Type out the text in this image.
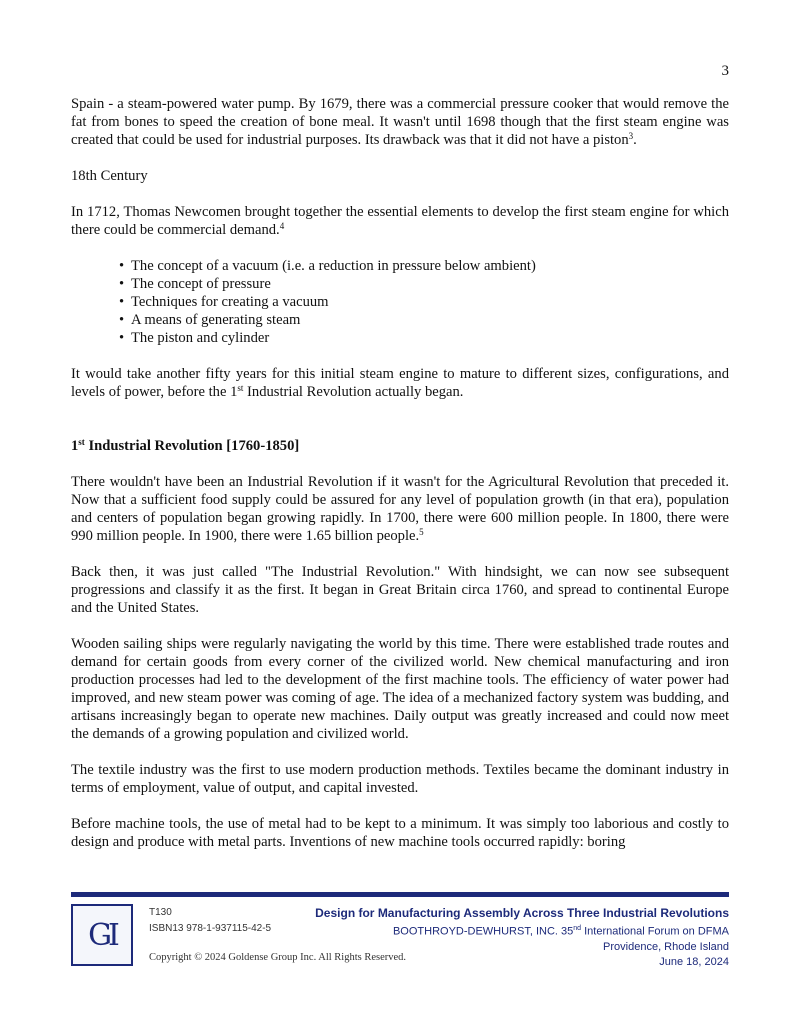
3

Spain - a steam-powered water pump. By 1679, there was a commercial pressure cooker that would remove the fat from bones to speed the creation of bone meal. It wasn't until 1698 though that the first steam engine was created that could be used for industrial purposes. Its drawback was that it did not have a piston$^3$.

18th Century

In 1712, Thomas Newcomen brought together the essential elements to develop the first steam engine for which there could be commercial demand.$^4$

• The concept of a vacuum (i.e. a reduction in pressure below ambient)
• The concept of pressure
• Techniques for creating a vacuum
• A means of generating steam
• The piston and cylinder

It would take another fifty years for this initial steam engine to mature to different sizes, configurations, and levels of power, before the 1st Industrial Revolution actually began.

1st Industrial Revolution [1760-1850]

There wouldn't have been an Industrial Revolution if it wasn't for the Agricultural Revolution that preceded it. Now that a sufficient food supply could be assured for any level of population growth (in that era), population and centers of population began growing rapidly. In 1700, there were 600 million people. In 1800, there were 990 million people. In 1900, there were 1.65 billion people.$^5$

Back then, it was just called "The Industrial Revolution." With hindsight, we can now see subsequent progressions and classify it as the first. It began in Great Britain circa 1760, and spread to continental Europe and the United States.

Wooden sailing ships were regularly navigating the world by this time. There were established trade routes and demand for certain goods from every corner of the civilized world. New chemical manufacturing and iron production processes had led to the development of the first machine tools. The efficiency of water power had improved, and new steam power was coming of age. The idea of a mechanized factory system was budding, and artisans increasingly began to operate new machines. Daily output was greatly increased and could now meet the demands of a growing population and civilized world.

The textile industry was the first to use modern production methods. Textiles became the dominant industry in terms of employment, value of output, and capital invested.

Before machine tools, the use of metal had to be kept to a minimum. It was simply too laborious and costly to design and produce with metal parts. Inventions of new machine tools occurred rapidly: boring

GI
T130
ISBN13 978-1-937115-42-5
Copyright © 2024 Goldense Group Inc. All Rights Reserved.
Design for Manufacturing Assembly Across Three Industrial Revolutions
BOOTHROYD-DEWHURST, INC. 35nd International Forum on DFMA
Providence, Rhode Island
June 18, 2024
